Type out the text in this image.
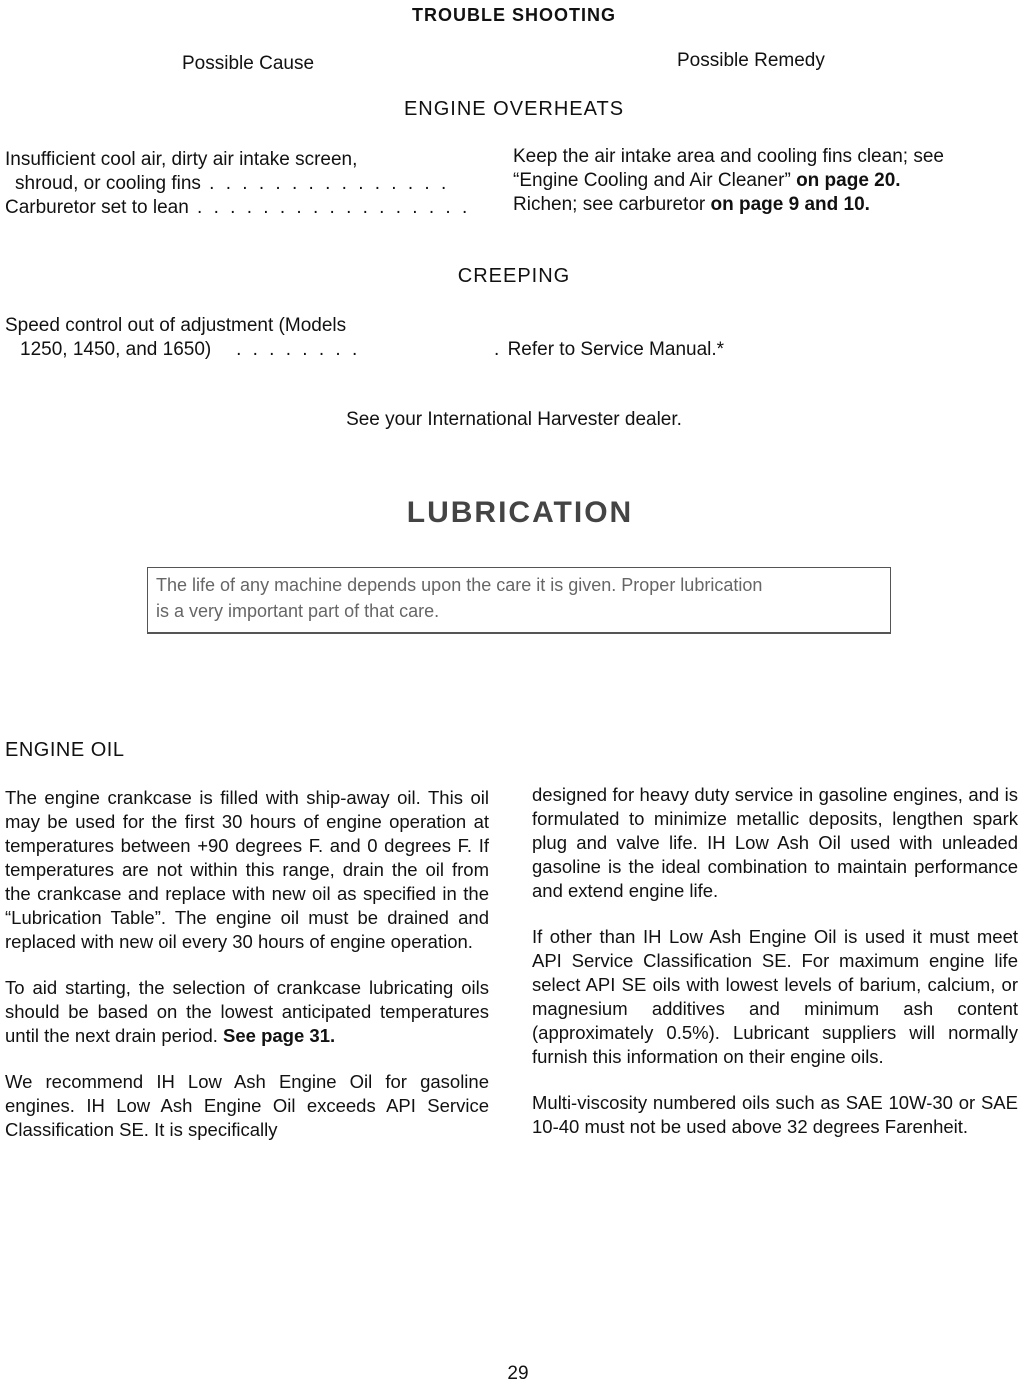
TROUBLE SHOOTING
Possible Cause	Possible Remedy
ENGINE OVERHEATS
Insufficient cool air, dirty air intake screen,
shroud, or cooling fins . . . . . . . . . . . . . . .
Keep the air intake area and cooling fins clean; see
“Engine Cooling and Air Cleaner” on page 20.
Carburetor set to lean . . . . . . . . . . . . . . . . . Richen; see carburetor on page 9 and 10.
CREEPING
Speed control out of adjustment (Models
1250, 1450, and 1650)   . . . . . . . .	. Refer to Service Manual.*
See your International Harvester dealer.
LUBRICATION
The life of any machine depends upon the care it is given. Proper lubrication
is a very important part of that care.
ENGINE OIL

The engine crankcase is filled with ship-away oil. This oil may be used for the first 30 hours of engine operation at temperatures between +90 degrees F. and 0 degrees F. If temperatures are not within this range, drain the oil from the crankcase and replace with new oil as specified in the “Lubrication Table”. The engine oil must be drained and replaced with new oil every 30 hours of engine operation.

To aid starting, the selection of crankcase lubricating oils should be based on the lowest anticipated temperatures until the next drain period. See page 31.

We recommend IH Low Ash Engine Oil for gasoline engines. IH Low Ash Engine Oil exceeds API Service Classification SE. It is specifically

designed for heavy duty service in gasoline engines, and is formulated to minimize metallic deposits, lengthen spark plug and valve life. IH Low Ash Oil used with unleaded gasoline is the ideal combination to maintain performance and extend engine life.

If other than IH Low Ash Engine Oil is used it must meet API Service Classification SE. For maximum engine life select API SE oils with lowest levels of barium, calcium, or magnesium additives and minimum ash content (approximately 0.5%). Lubricant suppliers will normally furnish this information on their engine oils.

Multi-viscosity numbered oils such as SAE 10W-30 or SAE 10-40 must not be used above 32 degrees Farenheit.

29
